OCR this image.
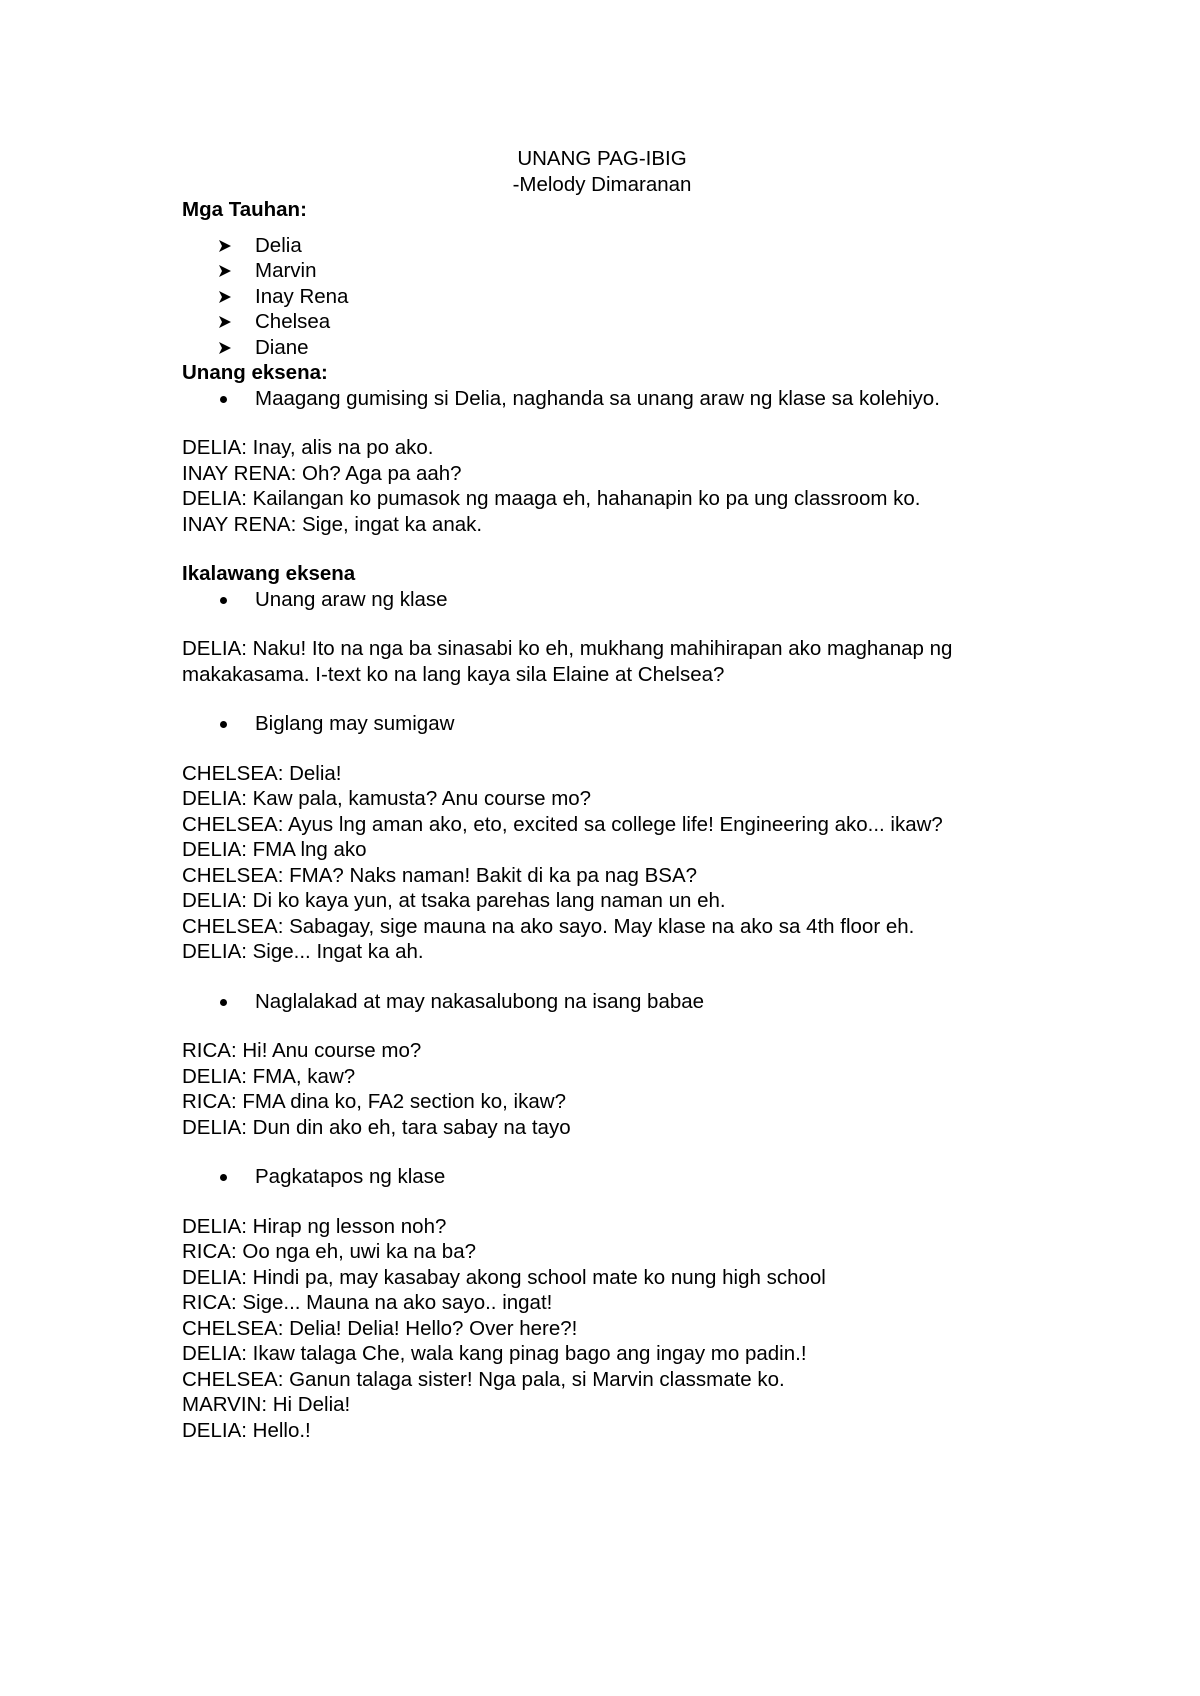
UNANG PAG-IBIG

-Melody Dimaranan

Mga Tauhan:

Delia
Marvin
Inay Rena
Chelsea
Diane

Unang eksena:

Maagang gumising si Delia, naghanda sa unang araw ng klase sa kolehiyo.

DELIA: Inay, alis na po ako.

INAY RENA: Oh? Aga pa aah?

DELIA: Kailangan ko pumasok ng maaga eh, hahanapin ko pa ung classroom ko.

INAY RENA: Sige, ingat ka anak.

Ikalawang eksena

Unang araw ng klase

DELIA: Naku! Ito na nga ba sinasabi ko eh, mukhang mahihirapan ako maghanap ng

makakasama. I-text ko na lang kaya sila Elaine at Chelsea?

Biglang may sumigaw

CHELSEA: Delia!

DELIA: Kaw pala, kamusta? Anu course mo?

CHELSEA: Ayus lng aman ako, eto, excited sa college life! Engineering ako... ikaw?

DELIA: FMA lng ako

CHELSEA: FMA? Naks naman! Bakit di ka pa nag BSA?

DELIA: Di ko kaya yun, at tsaka parehas lang naman un eh.

CHELSEA: Sabagay, sige mauna na ako sayo. May klase na ako sa 4th floor eh.

DELIA: Sige... Ingat ka ah.

Naglalakad at may nakasalubong na isang babae

RICA: Hi! Anu course mo?

DELIA: FMA, kaw?

RICA: FMA dina ko, FA2 section ko, ikaw?

DELIA: Dun din ako eh, tara sabay na tayo

Pagkatapos ng klase

DELIA: Hirap ng lesson noh?

RICA: Oo nga eh, uwi ka na ba?

DELIA: Hindi pa, may kasabay akong school mate ko nung high school

RICA: Sige... Mauna na ako sayo.. ingat!

CHELSEA: Delia! Delia! Hello? Over here?!

DELIA: Ikaw talaga Che, wala kang pinag bago ang ingay mo padin.!

CHELSEA: Ganun talaga sister! Nga pala, si Marvin classmate ko.

MARVIN: Hi Delia!

DELIA: Hello.!
